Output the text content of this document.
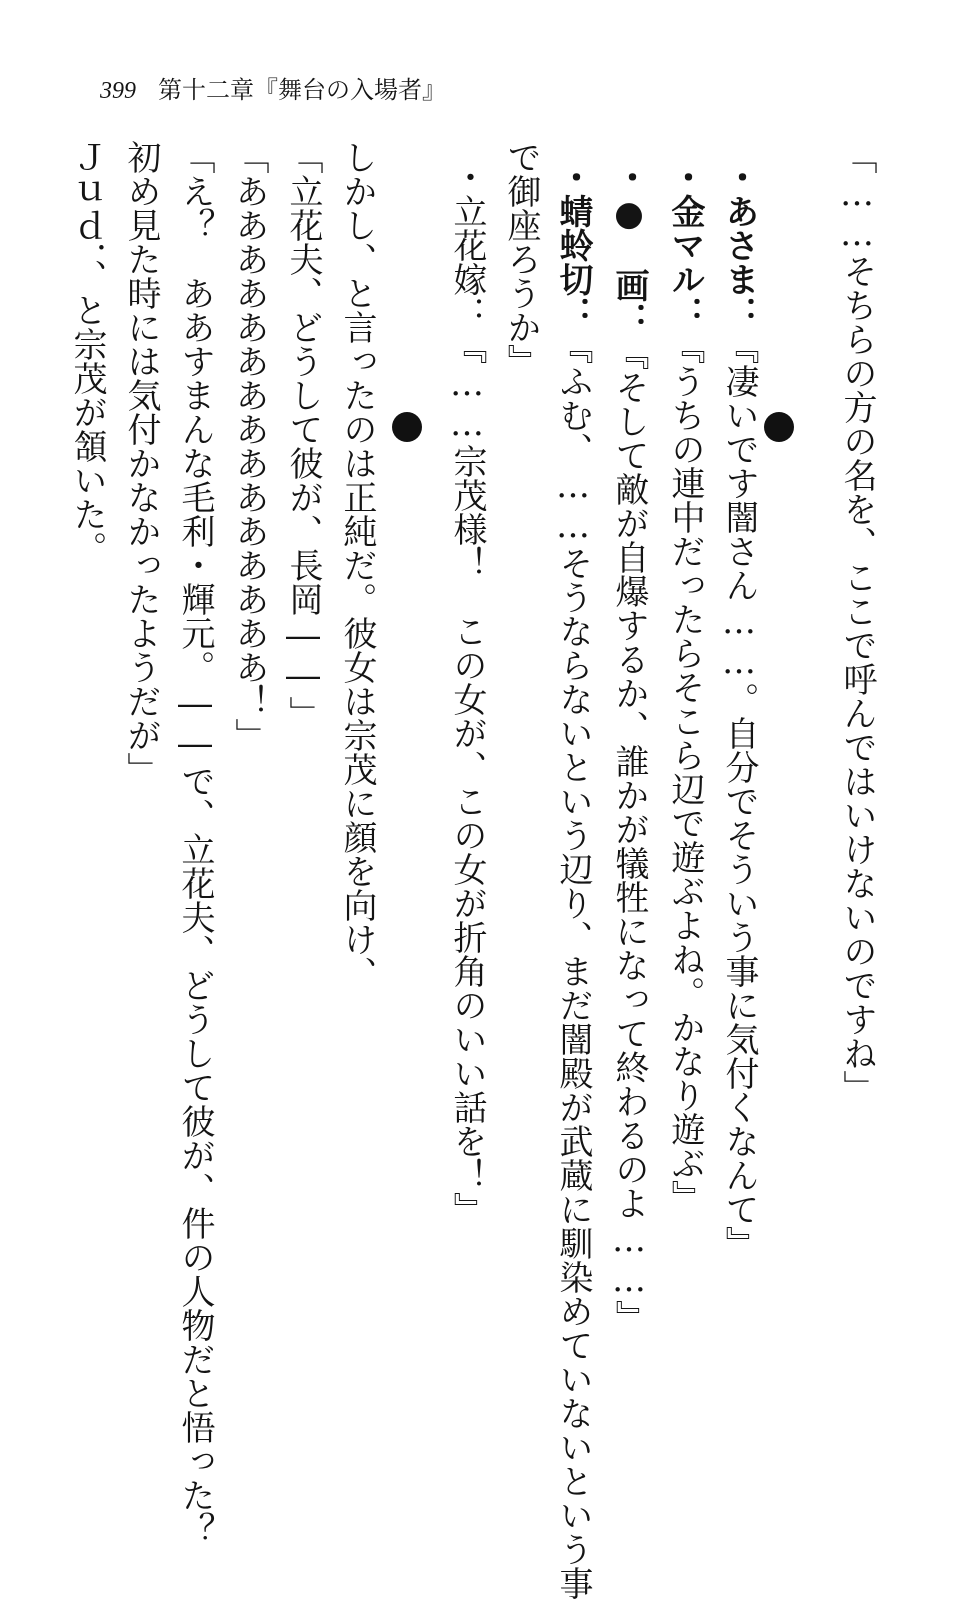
399 第十二章『舞台の入場者』
「……そちらの方の名を、ここで呼んではいけないのですね」
・あさま：『凄いです闇さん……。自分でそういう事に気付くなんて』
・金マル：『うちの連中だったらそこら辺で遊ぶよね。かなり遊ぶ』
・●　画：『そして敵が自爆するか、誰かが犠牲になって終わるのよ……』
・蜻蛉切：『ふむ、……そうならないという辺り、まだ闇殿が武蔵に馴染めていないという事
で御座ろうか』
・立花嫁：『……宗茂様！　この女が、この女が折角のいい話を！』
しかし、と言ったのは正純だ。彼女は宗茂に顔を向け、
「立花夫、どうして彼が、長岡――」
「あああああああああああああああ！」
「え？　ああすまんな毛利・輝元。――で、立花夫、どうして彼が、件の人物だと悟った？
初め見た時には気付かなかったようだが」
Ｊｕｄ．、と宗茂が頷いた。
